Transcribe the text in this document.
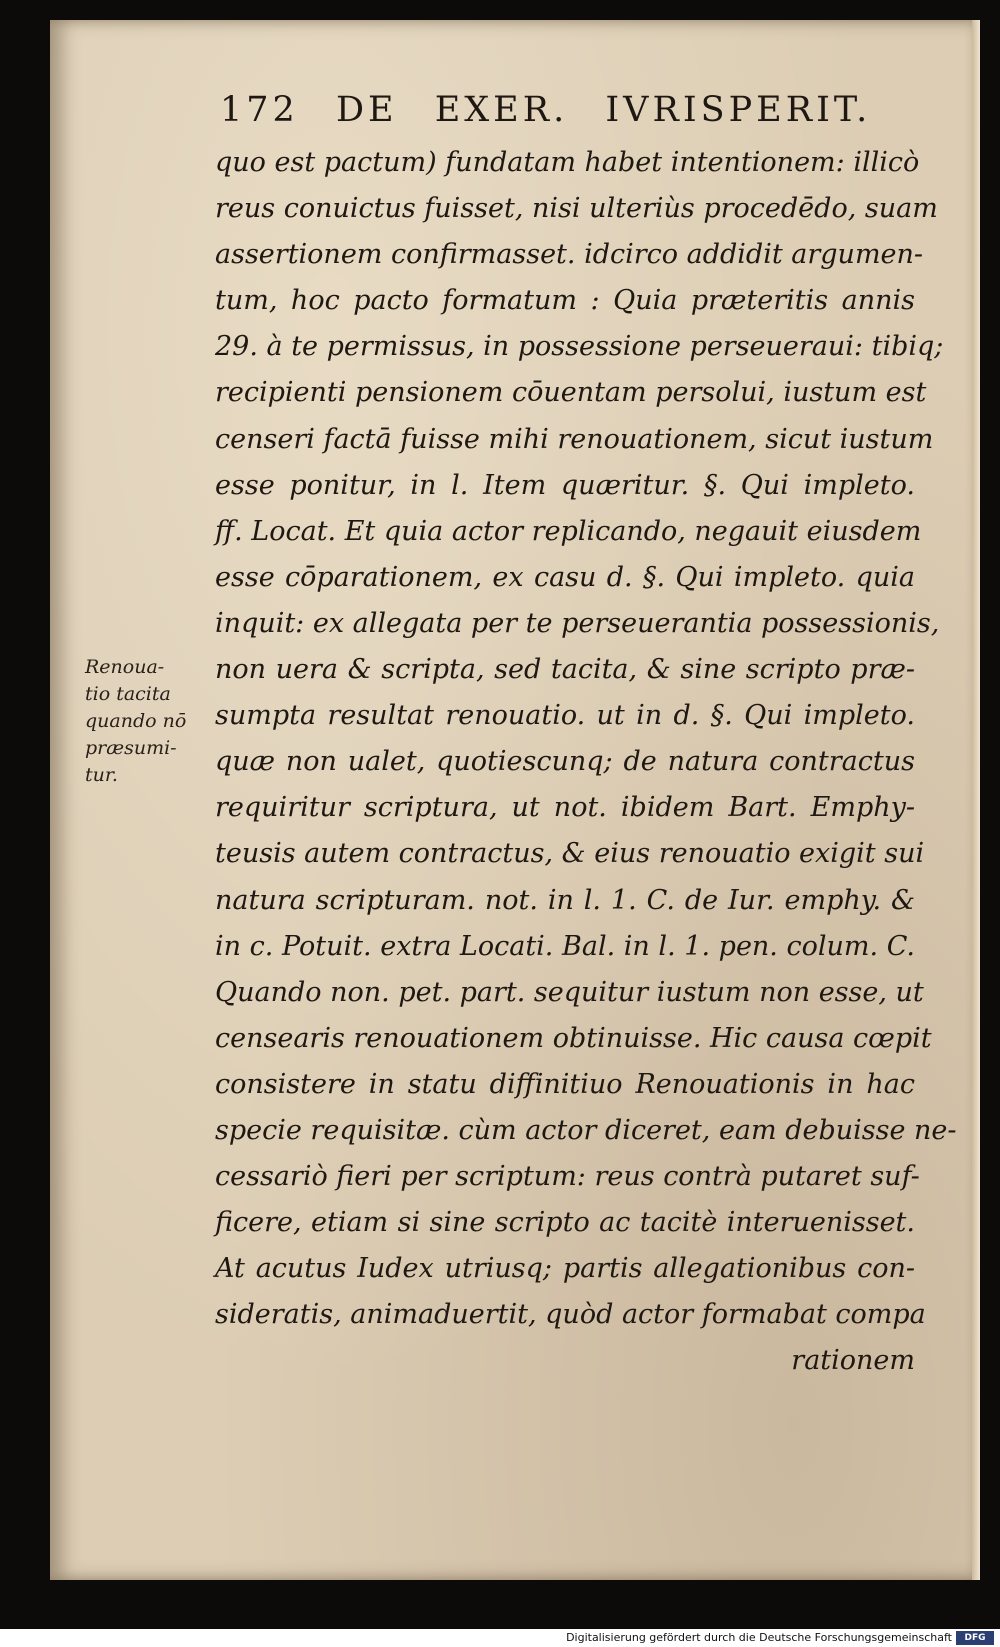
172 DE EXER. IVRISPERIT.
quo est pactum) fundatam habet intentionem: illicò
reus conuictus fuisset, nisi ulteriùs procedēdo, suam
assertionem confirmasset. idcirco addidit argumen-
tum, hoc pacto formatum : Quia præteritis annis
29. à te permissus, in possessione perseueraui: tibiq;
recipienti pensionem cōuentam persolui, iustum est
censeri factā fuisse mihi renouationem, sicut iustum
esse ponitur, in l. Item quæritur. §. Qui impleto.
ff. Locat. Et quia actor replicando, negauit eiusdem
esse cōparationem, ex casu d. §. Qui impleto. quia
inquit: ex allegata per te perseuerantia possessionis,
non uera & scripta, sed tacita, & sine scripto præ-
sumpta resultat renouatio. ut in d. §. Qui impleto.
quæ non ualet, quotiescunq; de natura contractus
requiritur scriptura, ut not. ibidem Bart. Emphy-
teusis autem contractus, & eius renouatio exigit sui
natura scripturam. not. in l. 1. C. de Iur. emphy. &
in c. Potuit. extra Locati. Bal. in l. 1. pen. colum. C.
Quando non. pet. part. sequitur iustum non esse, ut
censearis renouationem obtinuisse. Hic causa cœpit
consistere in statu diffinitiuo Renouationis in hac
specie requisitæ. cùm actor diceret, eam debuisse ne-
cessariò fieri per scriptum: reus contrà putaret suf-
ficere, etiam si sine scripto ac tacitè interuenisset.
At acutus Iudex utriusq; partis allegationibus con-
sideratis, animaduertit, quòd actor formabat compa
rationem
Renoua-
tio tacita
quando nō
præsumi-
tur.
Digitalisierung gefördert durch die Deutsche Forschungsgemeinschaft	DFG
